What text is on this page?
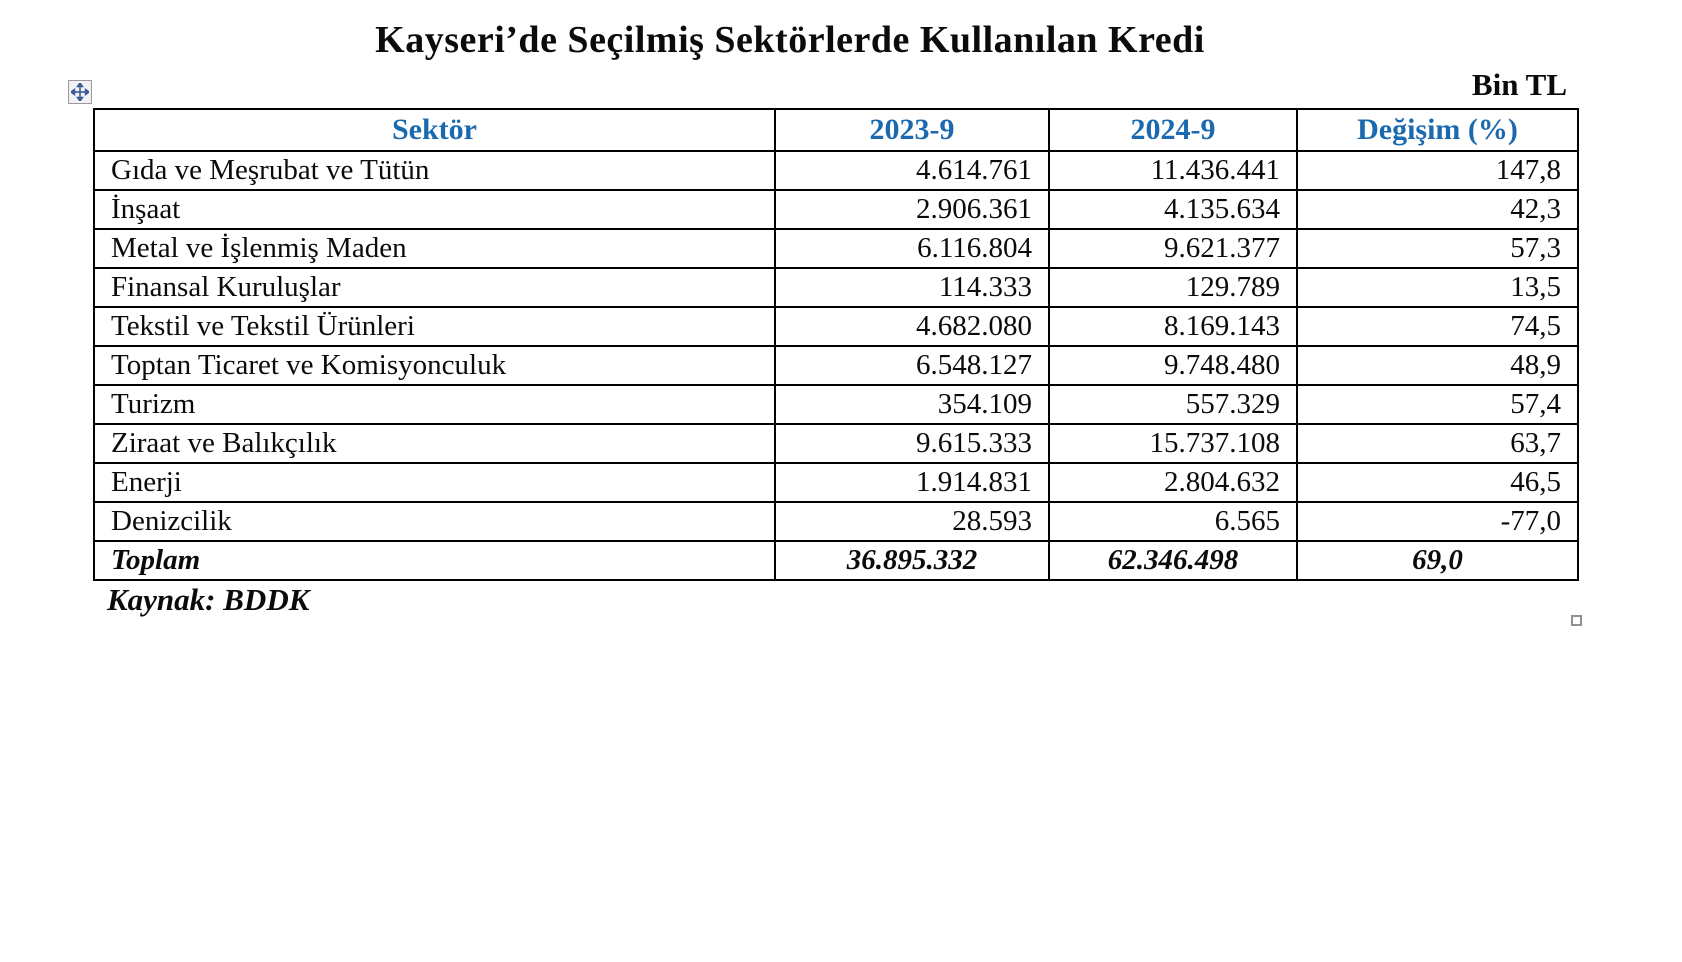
Kayseri’de Seçilmiş Sektörlerde Kullanılan Kredi
Bin TL
Sektör	2023-9	2024-9	Değişim (%)
Gıda ve Meşrubat ve Tütün	4.614.761	11.436.441	147,8
İnşaat	2.906.361	4.135.634	42,3
Metal ve İşlenmiş Maden	6.116.804	9.621.377	57,3
Finansal Kuruluşlar	114.333	129.789	13,5
Tekstil ve Tekstil Ürünleri	4.682.080	8.169.143	74,5
Toptan Ticaret ve Komisyonculuk	6.548.127	9.748.480	48,9
Turizm	354.109	557.329	57,4
Ziraat ve Balıkçılık	9.615.333	15.737.108	63,7
Enerji	1.914.831	2.804.632	46,5
Denizcilik	28.593	6.565	-77,0
Toplam	36.895.332	62.346.498	69,0
Kaynak: BDDK
